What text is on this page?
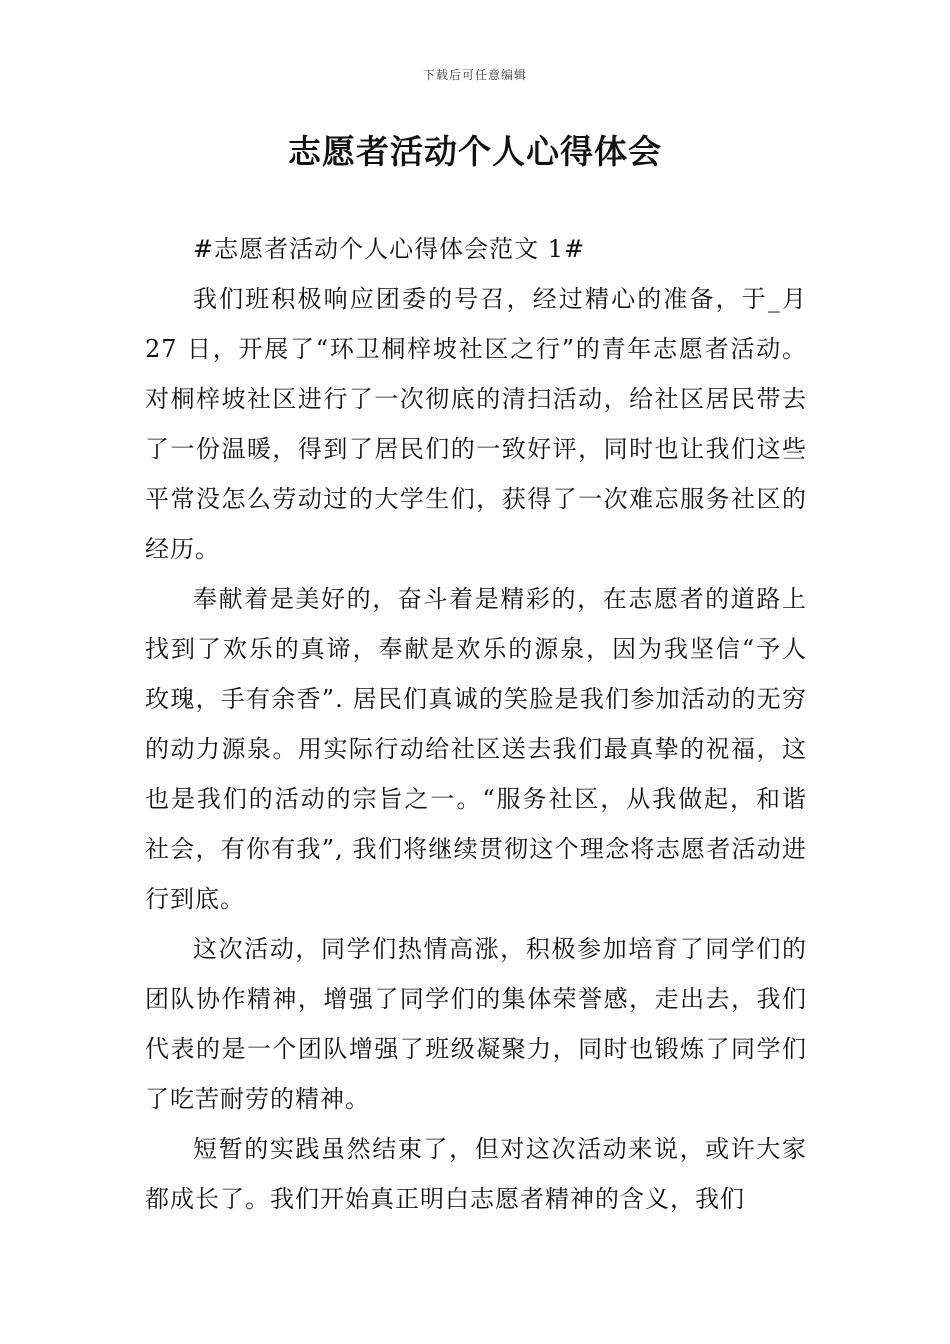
下载后可任意编辑
志愿者活动个人心得体会

#志愿者活动个人心得体会范文 1#

我们班积极响应团委的号召，经过精心的准备，于_月 27 日，开展了“环卫桐梓坡社区之行”的青年志愿者活动。对桐梓坡社区进行了一次彻底的清扫活动，给社区居民带去了一份温暖，得到了居民们的一致好评，同时也让我们这些平常没怎么劳动过的大学生们，获得了一次难忘服务社区的经历。

奉献着是美好的，奋斗着是精彩的，在志愿者的道路上找到了欢乐的真谛，奉献是欢乐的源泉，因为我坚信“予人玫瑰，手有余香”. 居民们真诚的笑脸是我们参加活动的无穷的动力源泉。用实际行动给社区送去我们最真挚的祝福，这也是我们的活动的宗旨之一。“服务社区，从我做起，和谐社会，有你有我”, 我们将继续贯彻这个理念将志愿者活动进行到底。

这次活动，同学们热情高涨，积极参加培育了同学们的团队协作精神，增强了同学们的集体荣誉感，走出去，我们代表的是一个团队增强了班级凝聚力，同时也锻炼了同学们了吃苦耐劳的精神。

短暂的实践虽然结束了，但对这次活动来说，或许大家都成长了。我们开始真正明白志愿者精神的含义，我们
